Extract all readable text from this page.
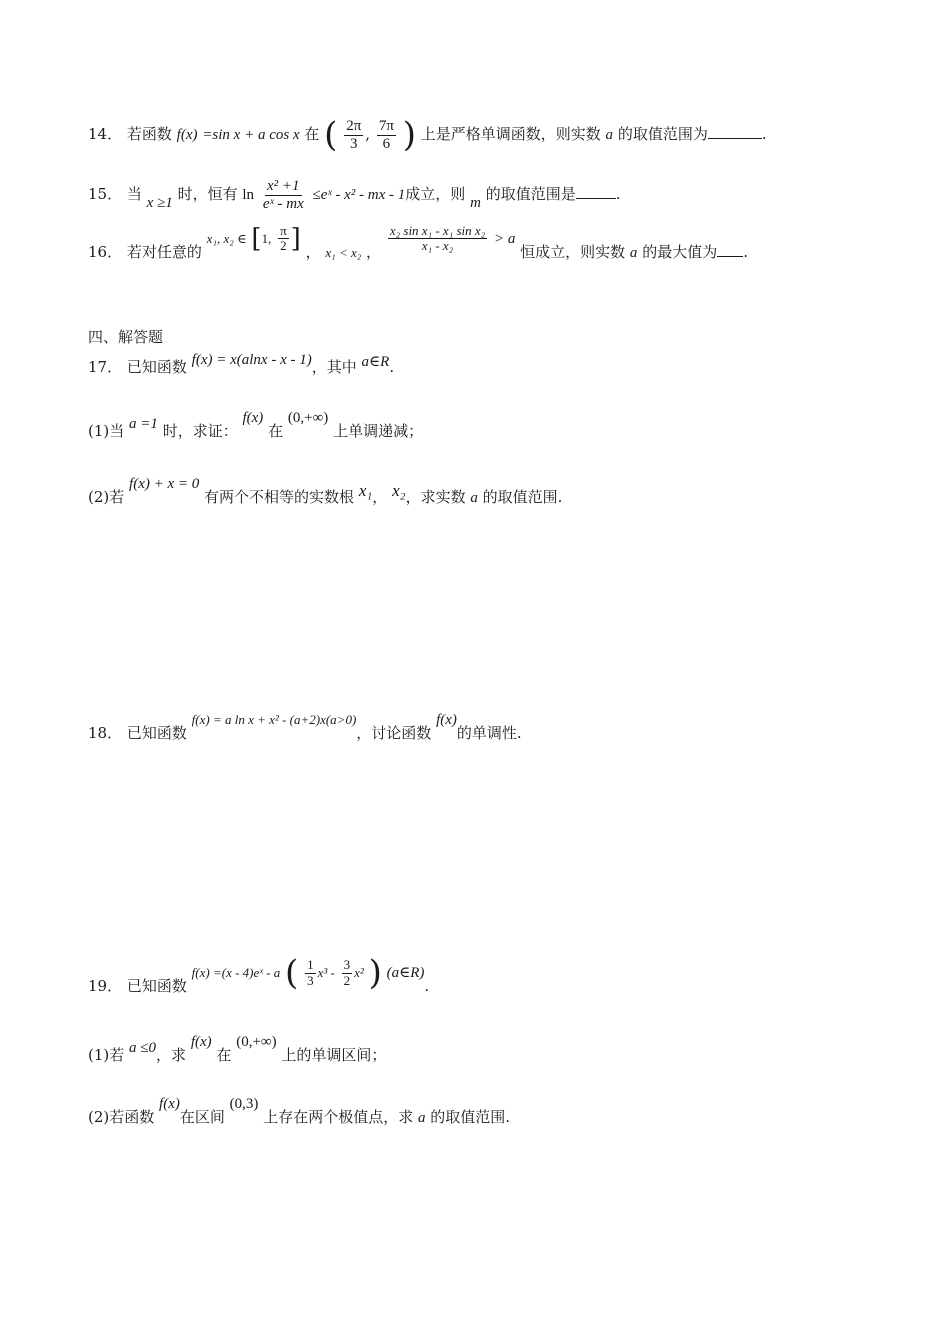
14． 若函数 f(x) =sin x + a cos x 在 ( $\frac{2\pi}{3}$ , $\frac{7\pi}{6}$ ) 上是严格单调函数，则实数 a 的取值范围为	.
15． 当 x ≥1 时，恒有 $\ln \frac{\text{x² +1}}{\text{eˣ - mx}}$ ≤eˣ - x² - mx - 1成立，则 m 的取值范围是	.
16． 若对任意的 x₁, x₂ ∈ [1, $\frac{\pi}{2}$ ] ， x₁ < x₂ ， $\frac{\text{x₂ sin x₁ - x₁ sin x₂}}{\text{x₁ - x₂}} > a$ 恒成立，则实数 a 的最大值为 .
四、解答题
17． 已知函数 f(x) = x(alnx - x - 1)，其中 a∈R.
(1)当 a =1 时，求证： f(x) 在 (0,+∞) 上单调递减；
(2)若 f(x) + x = 0 有两个不相等的实数根 x₁， x₂，求实数 a 的取值范围.
18． 已知函数 f(x) = a ln x + x² - (a+2)x(a>0)，讨论函数 f(x)的单调性.
19． 已知函数 f(x) =(x - 4)eˣ - a ( $\frac{1}{3} x^3 - \frac{3}{2} x^2$ ) (a∈R).
(1)若 a ≤0，求 f(x) 在 (0,+∞) 上的单调区间；
(2)若函数 f(x)在区间 (0,3) 上存在两个极值点，求 a 的取值范围.
